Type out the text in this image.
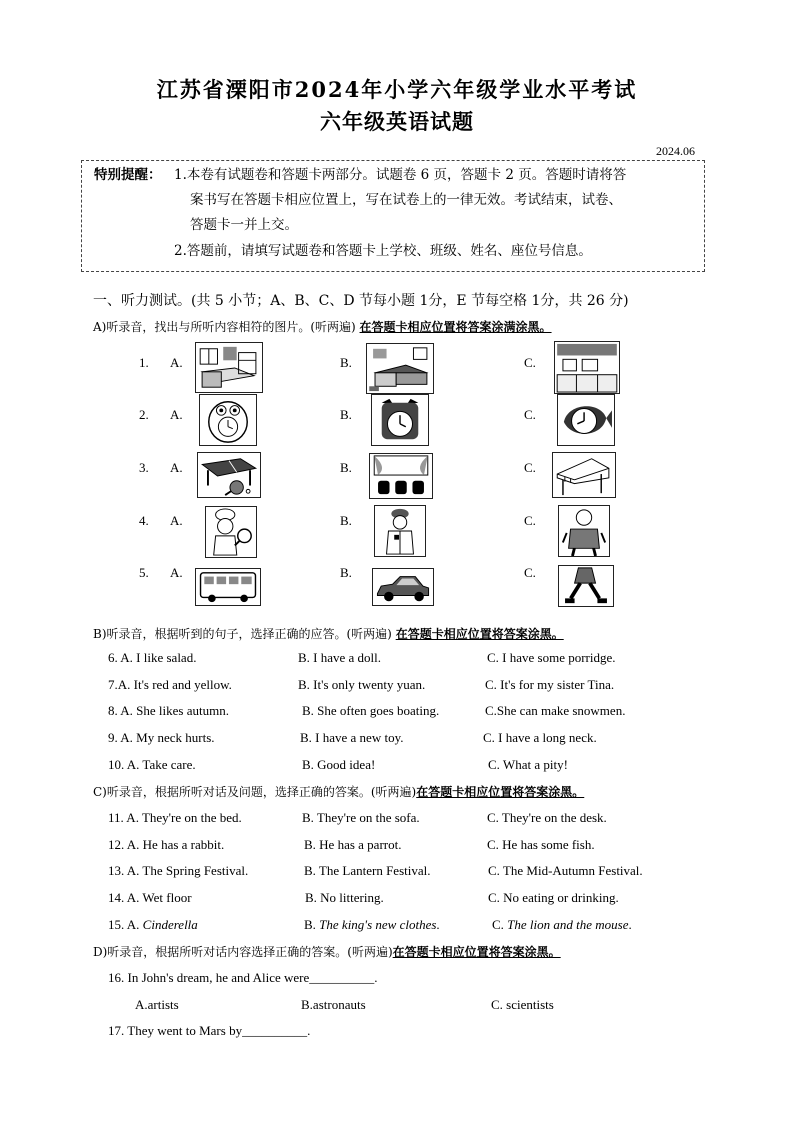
江苏省溧阳市2024年小学六年级学业水平考试
六年级英语试题
2024.06
特别提醒： 1.本卷有试题卷和答题卡两部分。试题卷 6 页，答题卡 2 页。答题时请将答
案书写在答题卡相应位置上，写在试卷上的一律无效。考试结束，试卷、
答题卡一并上交。
2.答题前，请填写试题卷和答题卡上学校、班级、姓名、座位号信息。
一、听力测试。(共 5 小节；A、B、C、D 节每小题 1分，E 节每空格 1分，共 26 分)
A)听录音，找出与所听内容相符的图片。(听两遍) 在答题卡相应位置将答案涂满涂黑。
1. A.	B.	C.
2. A.	B.	C.
3. A.	B.	C.
4. A.	B.	C.
5. A.	B.	C.
B)听录音，根据听到的句子，选择正确的应答。(听两遍) 在答题卡相应位置将答案涂黑。
6. A. I like salad.	B. I have a doll.	C. I have some porridge.
7.A. It's red and yellow.	B. It's only twenty yuan.	C. It's for my sister Tina.
8. A. She likes autumn.	B. She often goes boating.	C.She can make snowmen.
9. A. My neck hurts.	B. I have a new toy.	C. I have a long neck.
10. A. Take care.	B. Good idea!	C. What a pity!
C)听录音，根据所听对话及问题，选择正确的答案。(听两遍)在答题卡相应位置将答案涂黑。
11. A. They're on the bed.	B. They're on the sofa.	C. They're on the desk.
12. A. He has a rabbit.	B. He has a parrot.	C. He has some fish.
13. A. The Spring Festival.	B. The Lantern Festival.	C. The Mid-Autumn Festival.
14. A. Wet floor	B. No littering.	C. No eating or drinking.
15. A. Cinderella	B. The king's new clothes.	C. The lion and the mouse.
D)听录音，根据所听对话内容选择正确的答案。(听两遍)在答题卡相应位置将答案涂黑。
16. In John's dream, he and Alice were__________.
A.artists	B.astronauts	C. scientists
17. They went to Mars by__________.
